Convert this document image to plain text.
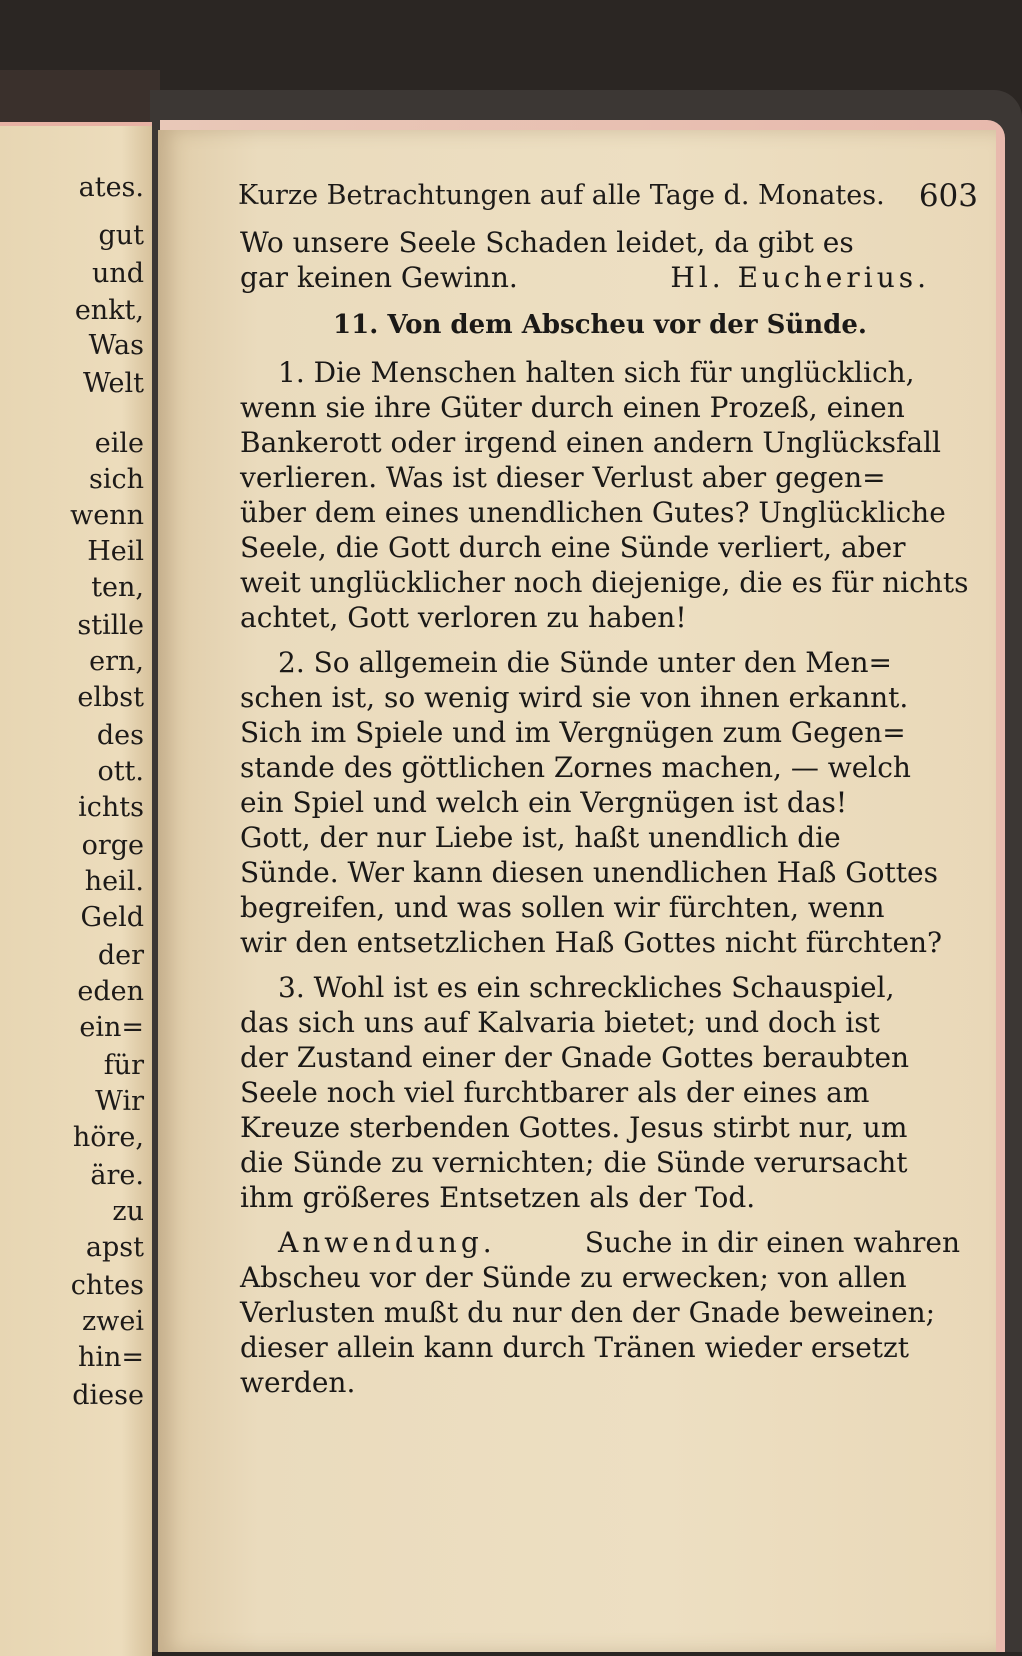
ates.
gut
und
enkt,
Was
Welt
eile
sich
wenn
Heil
ten,
stille
ern,
elbst
des
ott.
ichts
orge
heil.
Geld
der
eden
ein=
für
Wir
höre,
äre.
zu
apst
chtes
zwei
hin=
diese
Kurze Betrachtungen auf alle Tage d. Monates. 603
Wo unsere Seele Schaden leidet, da gibt es
gar keinen Gewinn.	Hl. Eucherius.
11. Von dem Abscheu vor der Sünde.
1. Die Menschen halten sich für unglücklich,
wenn sie ihre Güter durch einen Prozeß, einen
Bankerott oder irgend einen andern Unglücksfall
verlieren. Was ist dieser Verlust aber gegen=
über dem eines unendlichen Gutes? Unglückliche
Seele, die Gott durch eine Sünde verliert, aber
weit unglücklicher noch diejenige, die es für nichts
achtet, Gott verloren zu haben!
2. So allgemein die Sünde unter den Men=
schen ist, so wenig wird sie von ihnen erkannt.
Sich im Spiele und im Vergnügen zum Gegen=
stande des göttlichen Zornes machen, — welch
ein Spiel und welch ein Vergnügen ist das!
Gott, der nur Liebe ist, haßt unendlich die
Sünde. Wer kann diesen unendlichen Haß Gottes
begreifen, und was sollen wir fürchten, wenn
wir den entsetzlichen Haß Gottes nicht fürchten?
3. Wohl ist es ein schreckliches Schauspiel,
das sich uns auf Kalvaria bietet; und doch ist
der Zustand einer der Gnade Gottes beraubten
Seele noch viel furchtbarer als der eines am
Kreuze sterbenden Gottes. Jesus stirbt nur, um
die Sünde zu vernichten; die Sünde verursacht
ihm größeres Entsetzen als der Tod.
Anwendung.	Suche in dir einen wahren
Abscheu vor der Sünde zu erwecken; von allen
Verlusten mußt du nur den der Gnade beweinen;
dieser allein kann durch Tränen wieder ersetzt
werden.
